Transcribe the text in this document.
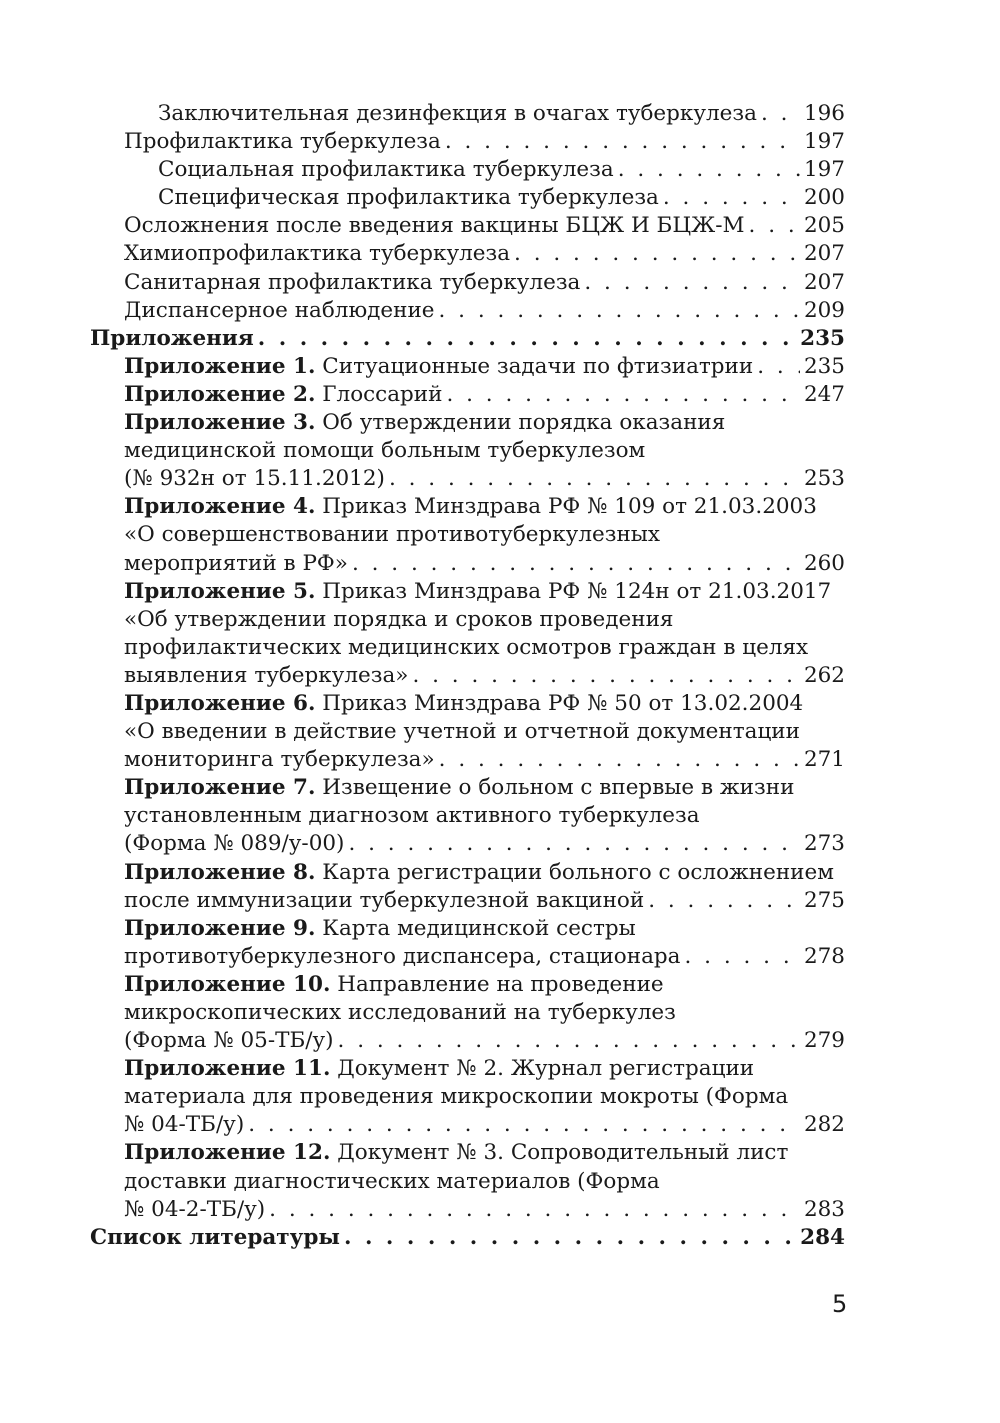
Заключительная дезинфекция в очагах туберкулеза . . . 196
Профилактика туберкулеза . . .	197
Социальная профилактика туберкулеза . . .	197
Специфическая профилактика туберкулеза . . .	200
Осложнения после введения вакцины БЦЖ И БЦЖ-М . . .	205
Химиопрофилактика туберкулеза . . .	207
Санитарная профилактика туберкулеза . . .	207
Диспансерное наблюдение . . .	209
Приложения . . .	235
Приложение 1. Ситуационные задачи по фтизиатрии . . . 235
Приложение 2. Глоссарий . . .	247
Приложение 3. Об утверждении порядка оказания
медицинской помощи больным туберкулезом
(№ 932н от 15.11.2012) . . .	253
Приложение 4. Приказ Минздрава РФ № 109 от 21.03.2003
«О совершенствовании противотуберкулезных
мероприятий в РФ» . . .	260
Приложение 5. Приказ Минздрава РФ № 124н от 21.03.2017
«Об утверждении порядка и сроков проведения
профилактических медицинских осмотров граждан в целях
выявления туберкулеза» . . .	262
Приложение 6. Приказ Минздрава РФ № 50 от 13.02.2004
«О введении в действие учетной и отчетной документации
мониторинга туберкулеза» . . .	271
Приложение 7. Извещение о больном с впервые в жизни
установленным диагнозом активного туберкулеза
(Форма № 089/у-00) . . .	273
Приложение 8. Карта регистрации больного с осложнением
после иммунизации туберкулезной вакциной . . .	275
Приложение 9. Карта медицинской сестры
противотуберкулезного диспансера, стационара . . .	278
Приложение 10. Направление на проведение
микроскопических исследований на туберкулез
(Форма № 05-ТБ/у) . . .	279
Приложение 11. Документ № 2. Журнал регистрации
материала для проведения микроскопии мокроты (Форма
№ 04-ТБ/у) . . .	282
Приложение 12. Документ № 3. Сопроводительный лист
доставки диагностических материалов (Форма
№ 04-2-ТБ/у) . . .	283
Список литературы . . .	284
5
